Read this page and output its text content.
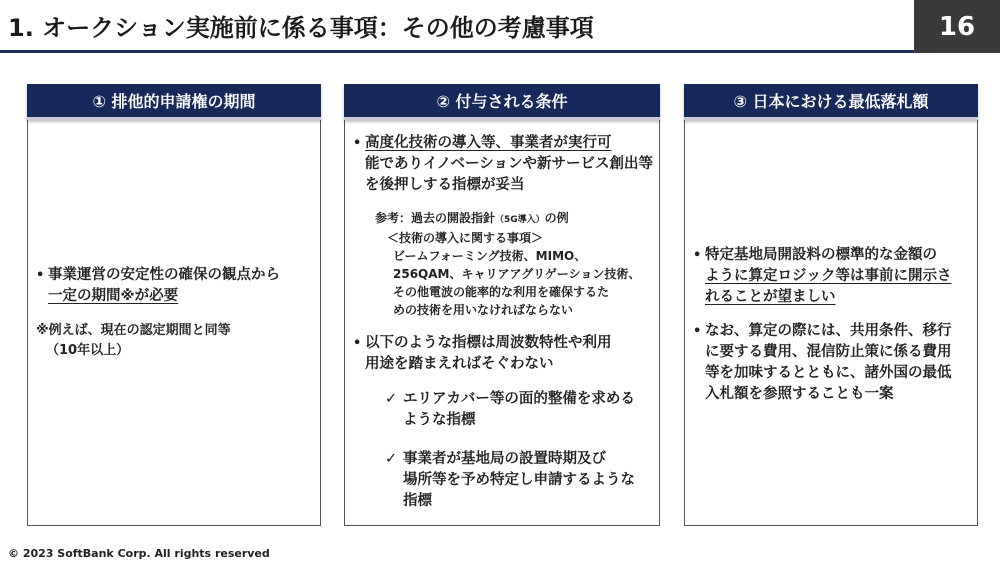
1. オークション実施前に係る事項：その他の考慮事項	16
① 排他的申請権の期間
• 事業運営の安定性の確保の観点から
一定の期間※が必要
※例えば、現在の認定期間と同等
（10年以上）
② 付与される条件
• 高度化技術の導入等、事業者が実行可
能でありイノベーションや新サービス創出等
を後押しする指標が妥当
参考：過去の開設指針（5G導入）の例
＜技術の導入に関する事項＞
ビームフォーミング技術、MIMO、
256QAM、キャリアアグリゲーション技術、
その他電波の能率的な利用を確保するた
めの技術を用いなければならない
• 以下のような指標は周波数特性や利用
用途を踏まえればそぐわない
✓ エリアカバー等の面的整備を求める
ような指標
✓ 事業者が基地局の設置時期及び
場所等を予め特定し申請するような
指標
③ 日本における最低落札額
• 特定基地局開設料の標準的な金額の
ように算定ロジック等は事前に開示さ
れることが望ましい
• なお、算定の際には、共用条件、移行
に要する費用、混信防止策に係る費用
等を加味するとともに、諸外国の最低
入札額を参照することも一案
© 2023 SoftBank Corp. All rights reserved
